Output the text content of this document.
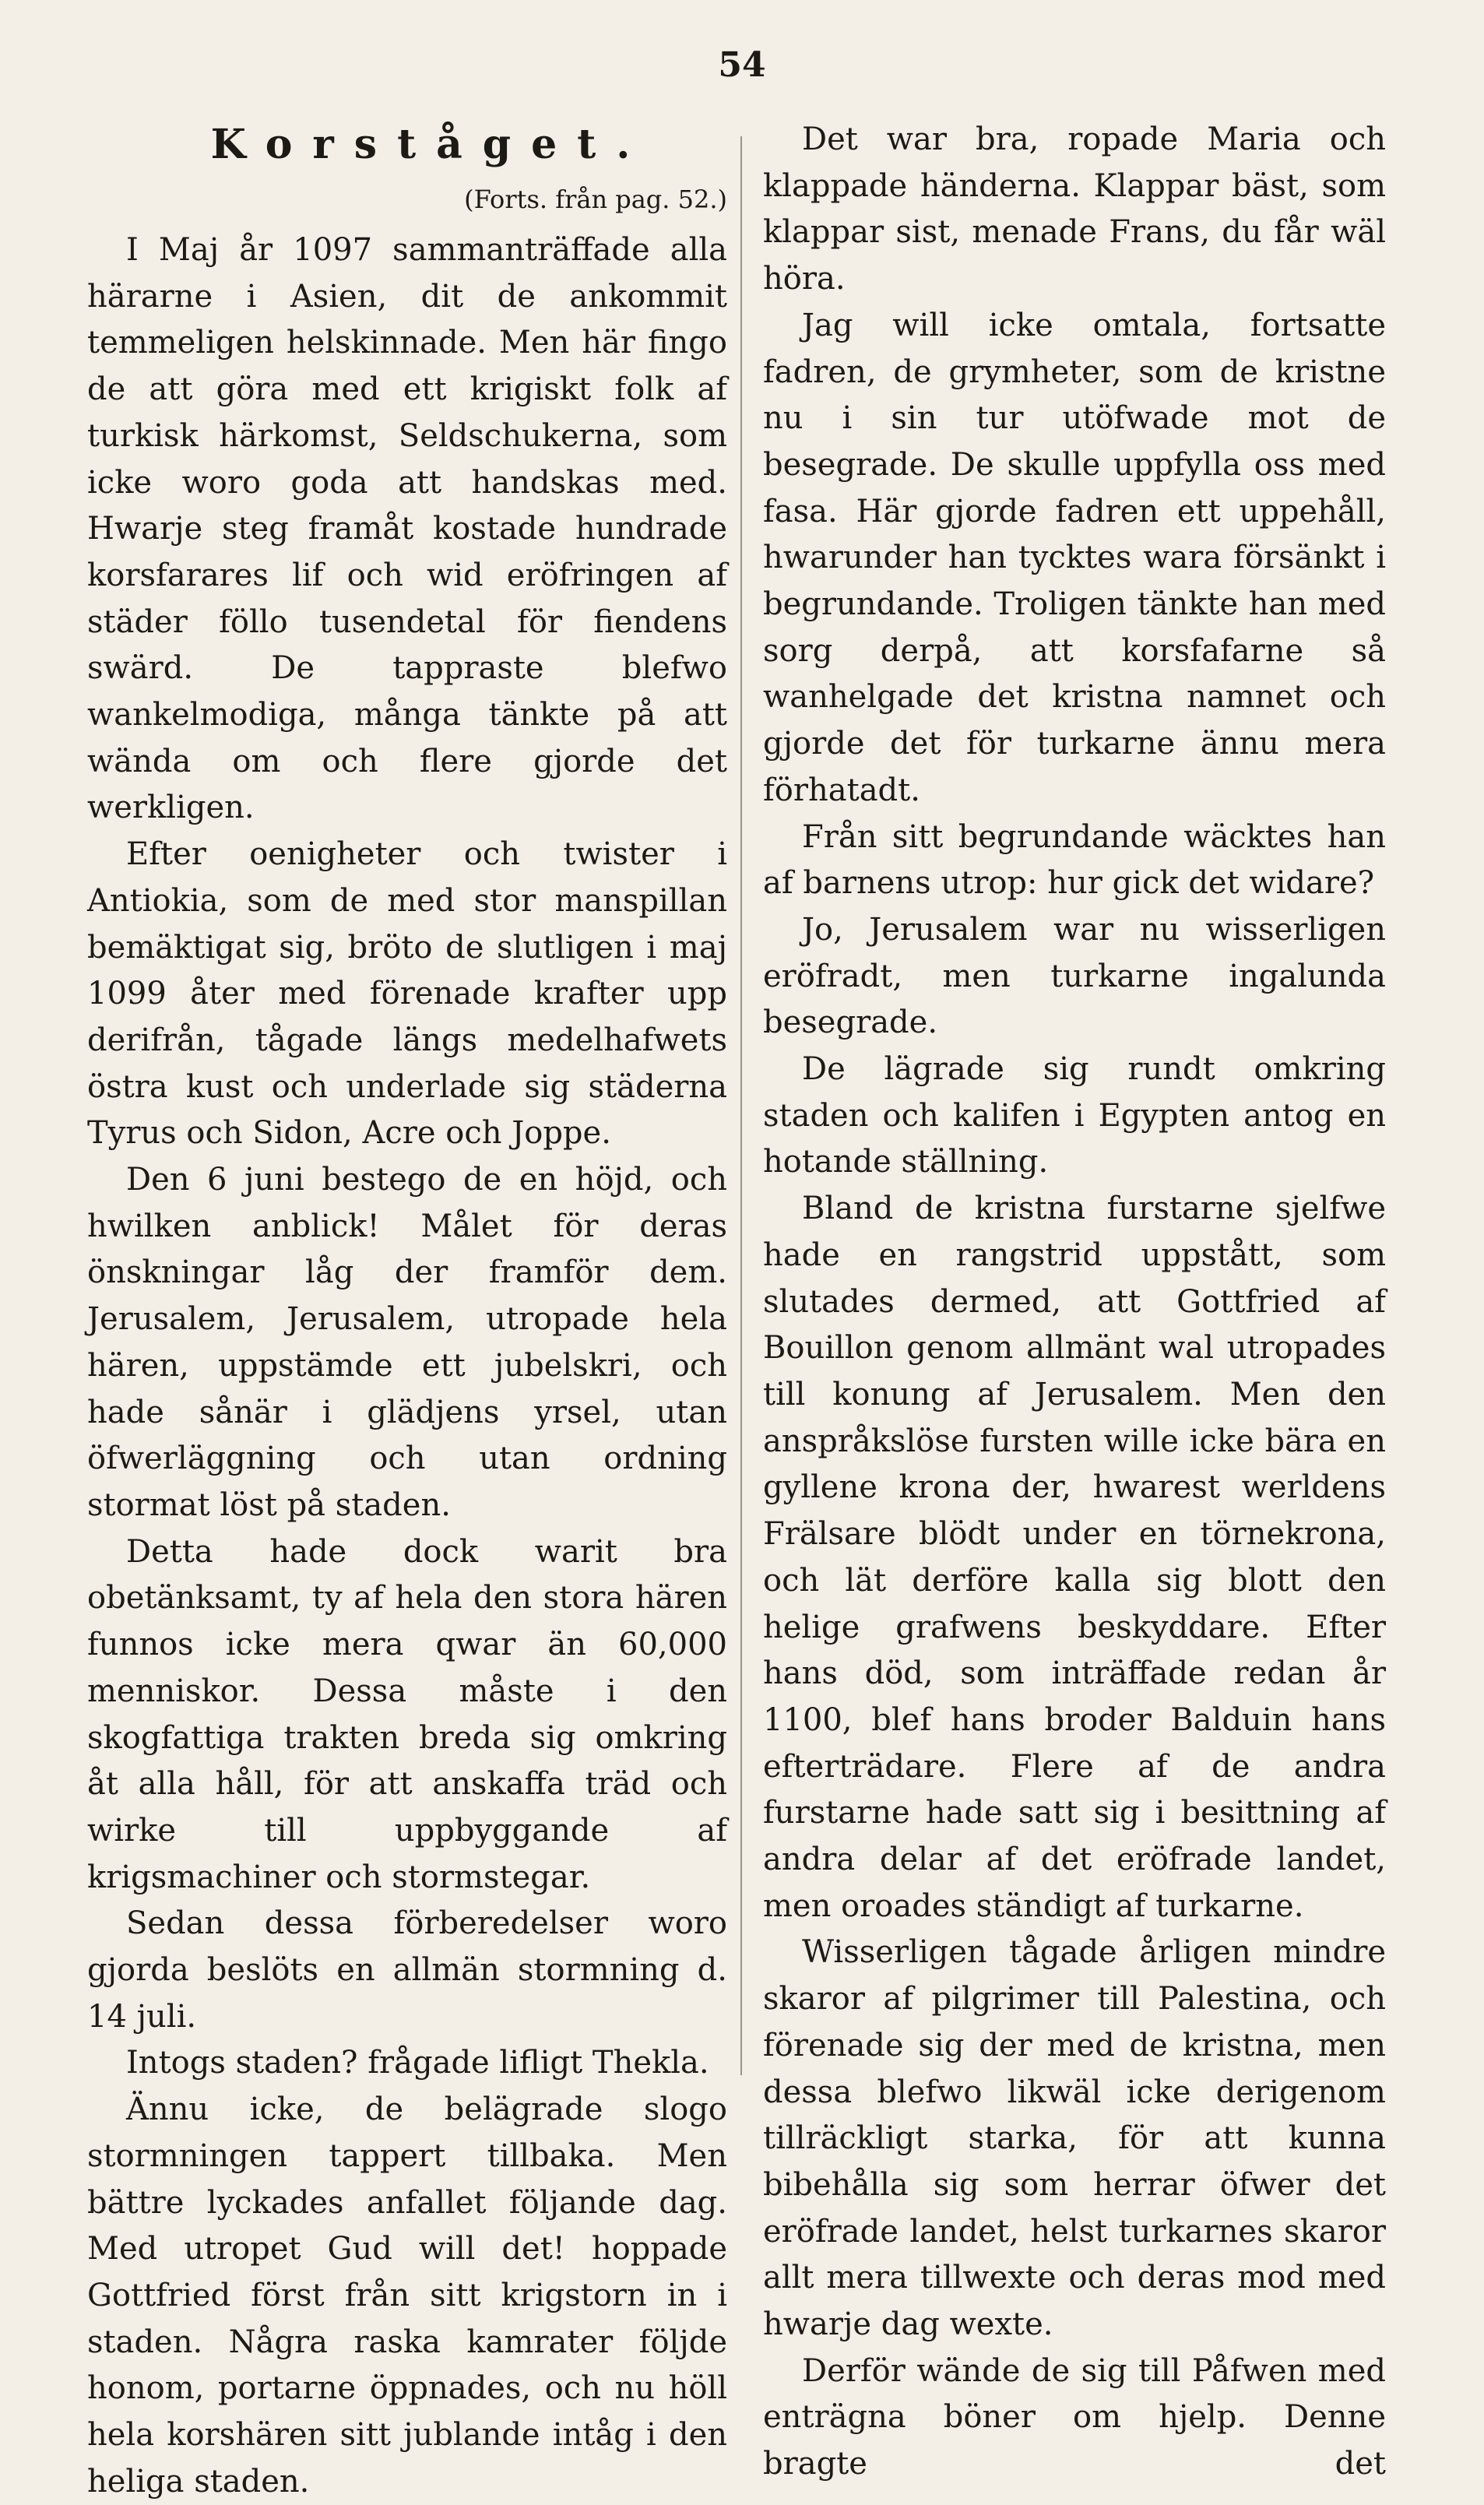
54
Korståget.
(Forts. från pag. 52.)

I Maj år 1097 sammanträffade alla härarne i Asien, dit de ankommit temmeligen helskinnade. Men här fingo de att göra med ett krigiskt folk af turkisk härkomst, Seldschukerna, som icke woro goda att handskas med. Hwarje steg framåt kostade hundrade korsfarares lif och wid eröfringen af städer föllo tusendetal för fiendens swärd. De tappraste blefwo wankelmodiga, många tänkte på att wända om och flere gjorde det werkligen.

Efter oenigheter och twister i Antiokia, som de med stor manspillan bemäktigat sig, bröto de slutligen i maj 1099 åter med förenade krafter upp derifrån, tågade längs medelhafwets östra kust och underlade sig städerna Tyrus och Sidon, Acre och Joppe.

Den 6 juni bestego de en höjd, och hwilken anblick! Målet för deras önskningar låg der framför dem. Jerusalem, Jerusalem, utropade hela hären, uppstämde ett jubelskri, och hade sånär i glädjens yrsel, utan öfwerläggning och utan ordning stormat löst på staden.

Detta hade dock warit bra obetänksamt, ty af hela den stora hären funnos icke mera qwar än 60,000 menniskor. Dessa måste i den skogfattiga trakten breda sig omkring åt alla håll, för att anskaffa träd och wirke till uppbyggande af krigsmachiner och stormstegar.

Sedan dessa förberedelser woro gjorda beslöts en allmän stormning d. 14 juli.

Intogs staden? frågade lifligt Thekla.

Ännu icke, de belägrade slogo stormningen tappert tillbaka. Men bättre lyckades anfallet följande dag. Med utropet Gud will det! hoppade Gottfried först från sitt krigstorn in i staden. Några raska kamrater följde honom, portarne öppnades, och nu höll hela korshären sitt jublande intåg i den heliga staden.

Det war bra, ropade Maria och klappade händerna. Klappar bäst, som klappar sist, menade Frans, du får wäl höra.

Jag will icke omtala, fortsatte fadren, de grymheter, som de kristne nu i sin tur utöfwade mot de besegrade. De skulle uppfylla oss med fasa. Här gjorde fadren ett uppehåll, hwarunder han tycktes wara försänkt i begrundande. Troligen tänkte han med sorg derpå, att korsfafarne så wanhelgade det kristna namnet och gjorde det för turkarne ännu mera förhatadt.

Från sitt begrundande wäcktes han af barnens utrop: hur gick det widare?

Jo, Jerusalem war nu wisserligen eröfradt, men turkarne ingalunda besegrade.

De lägrade sig rundt omkring staden och kalifen i Egypten antog en hotande ställning.

Bland de kristna furstarne sjelfwe hade en rangstrid uppstått, som slutades dermed, att Gottfried af Bouillon genom allmänt wal utropades till konung af Jerusalem. Men den anspråkslöse fursten wille icke bära en gyllene krona der, hwarest werldens Frälsare blödt under en törnekrona, och lät derföre kalla sig blott den helige grafwens beskyddare. Efter hans död, som inträffade redan år 1100, blef hans broder Balduin hans efterträdare. Flere af de andra furstarne hade satt sig i besittning af andra delar af det eröfrade landet, men oroades ständigt af turkarne.

Wisserligen tågade årligen mindre skaror af pilgrimer till Palestina, och förenade sig der med de kristna, men dessa blefwo likwäl icke derigenom tillräckligt starka, för att kunna bibehålla sig som herrar öfwer det eröfrade landet, helst turkarnes skaror allt mera tillwexte och deras mod med hwarje dag wexte.

Derför wände de sig till Påfwen med enträgna böner om hjelp. Denne bragte det
